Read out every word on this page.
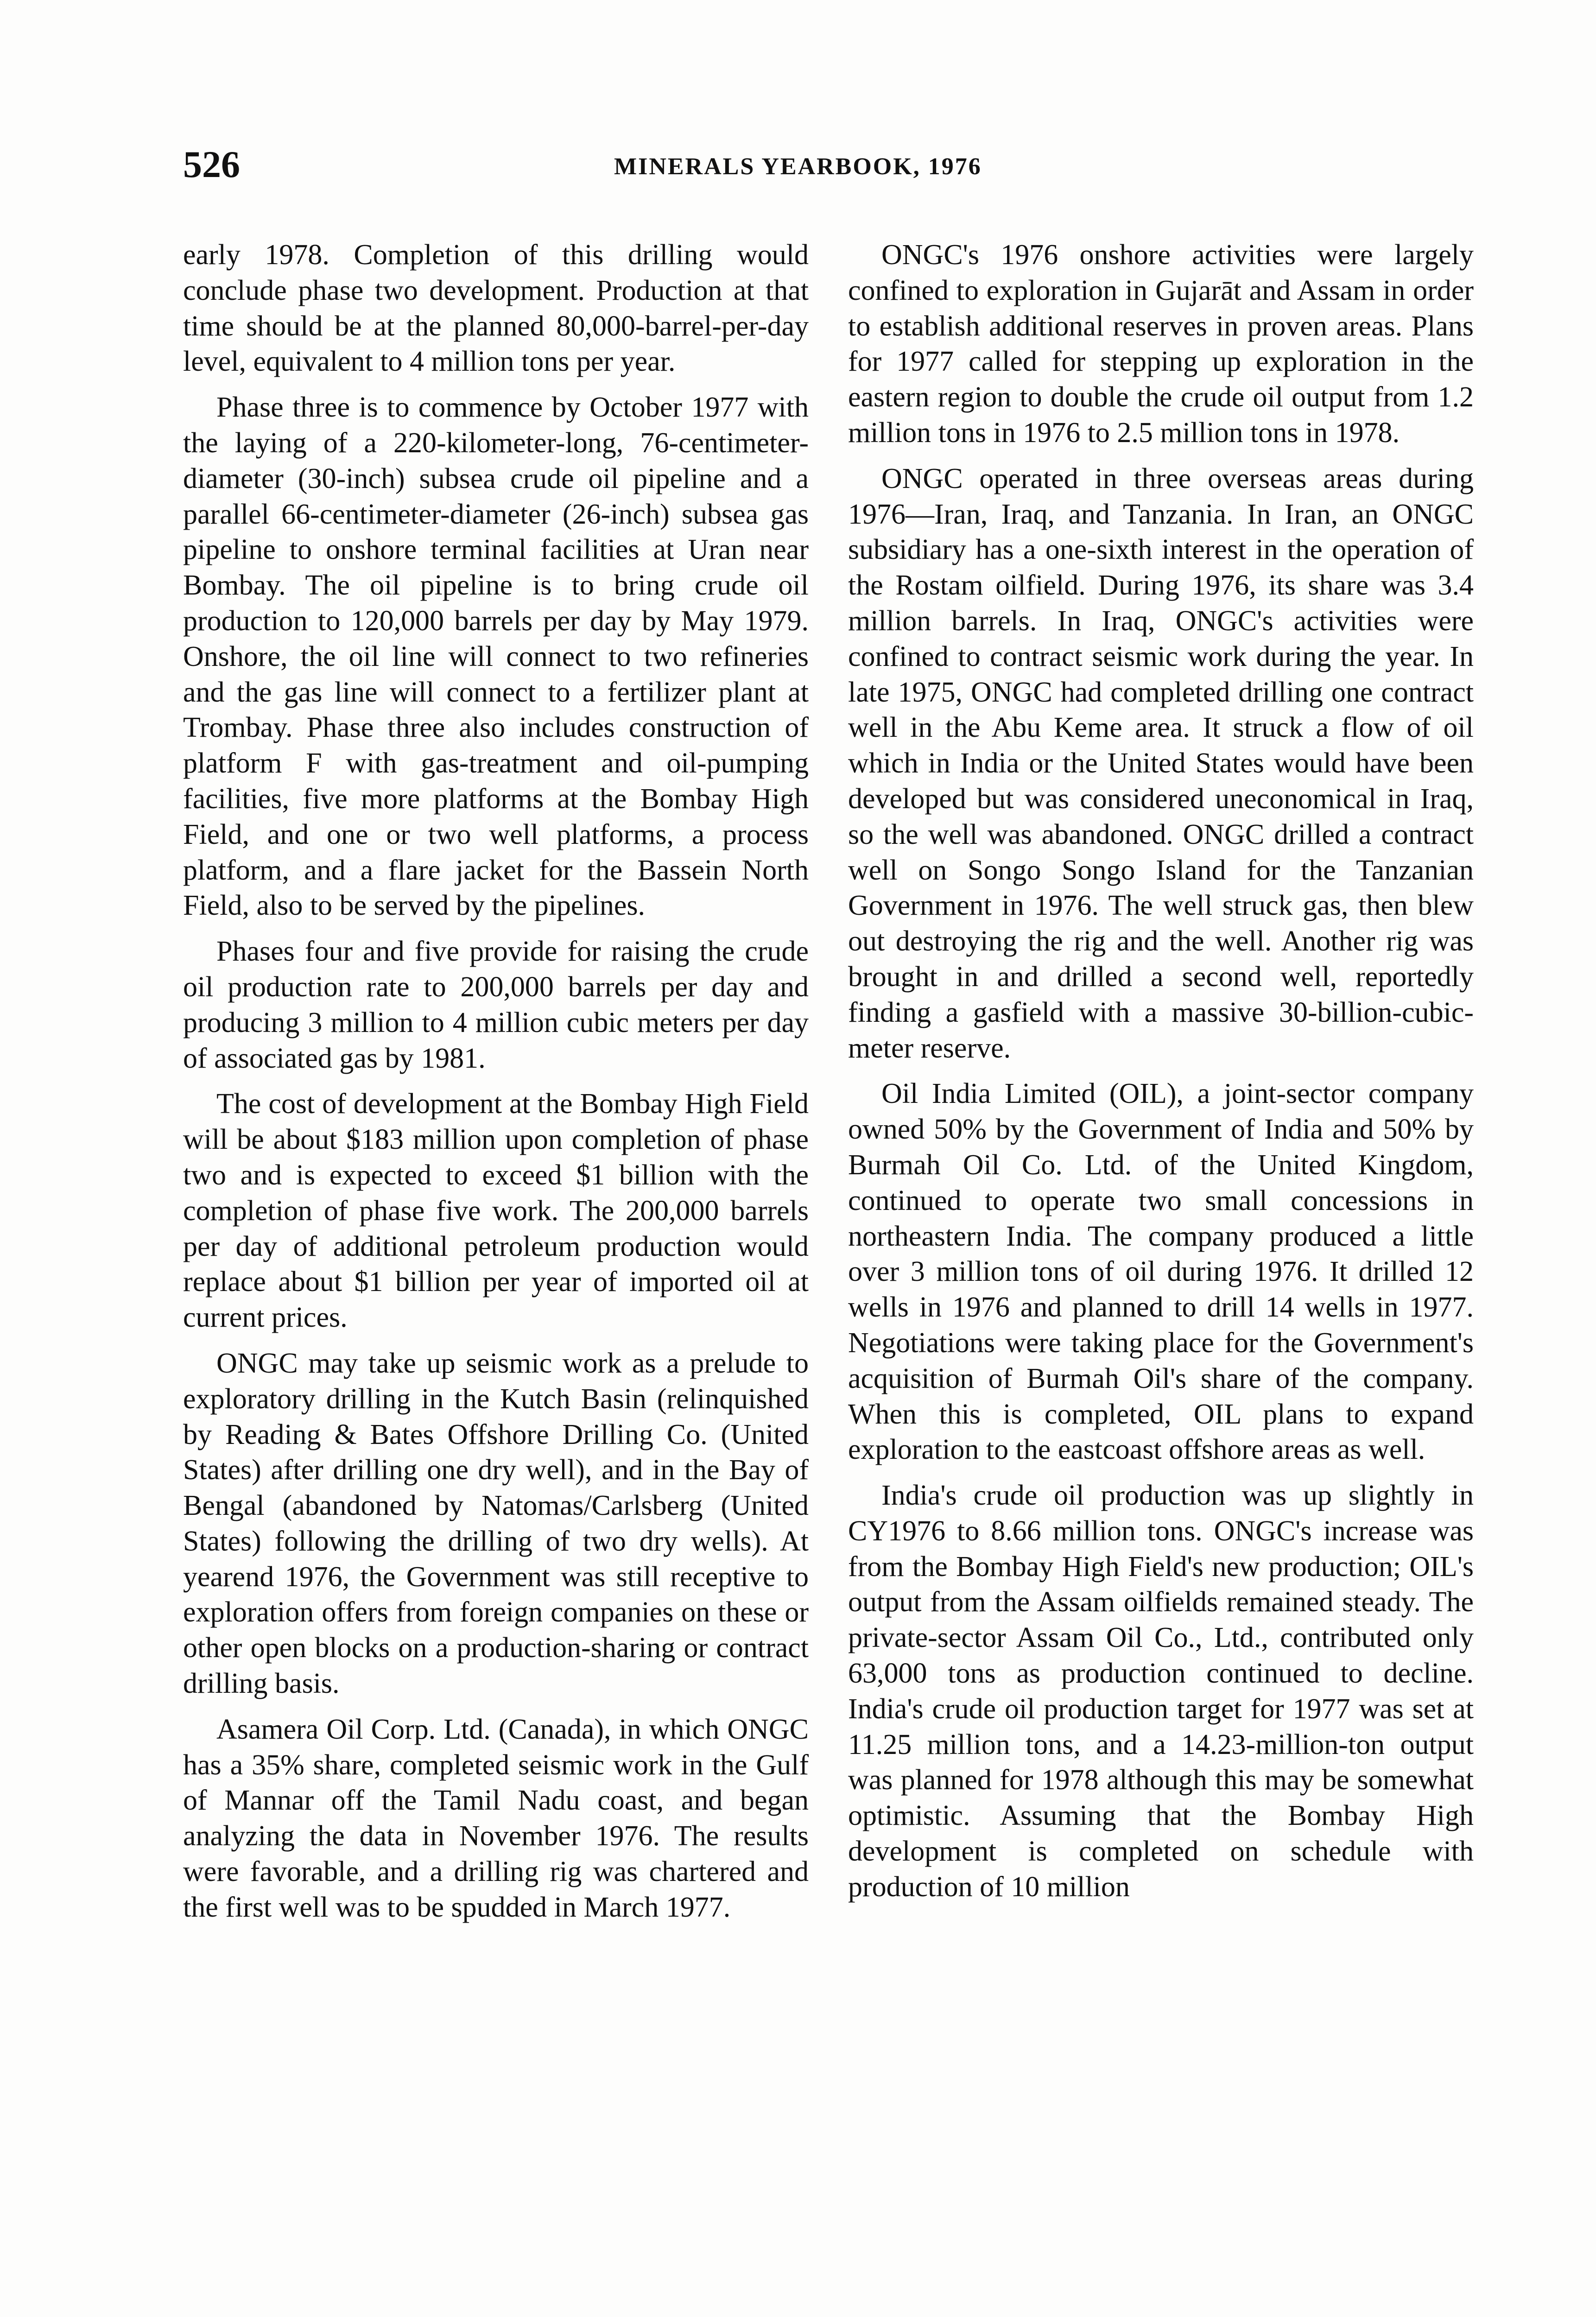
526	MINERALS YEARBOOK, 1976

early 1978. Completion of this drilling would conclude phase two development. Production at that time should be at the planned 80,000-barrel-per-day level, equivalent to 4 million tons per year.

Phase three is to commence by October 1977 with the laying of a 220-kilometer-long, 76-centimeter-diameter (30-inch) subsea crude oil pipeline and a parallel 66-centimeter-diameter (26-inch) subsea gas pipeline to onshore terminal facilities at Uran near Bombay. The oil pipeline is to bring crude oil production to 120,000 barrels per day by May 1979. Onshore, the oil line will connect to two refineries and the gas line will connect to a fertilizer plant at Trombay. Phase three also includes construction of platform F with gas-treatment and oil-pumping facilities, five more platforms at the Bombay High Field, and one or two well platforms, a process platform, and a flare jacket for the Bassein North Field, also to be served by the pipelines.

Phases four and five provide for raising the crude oil production rate to 200,000 barrels per day and producing 3 million to 4 million cubic meters per day of associated gas by 1981.

The cost of development at the Bombay High Field will be about $183 million upon completion of phase two and is expected to exceed $1 billion with the completion of phase five work. The 200,000 barrels per day of additional petroleum production would replace about $1 billion per year of imported oil at current prices.

ONGC may take up seismic work as a prelude to exploratory drilling in the Kutch Basin (relinquished by Reading & Bates Offshore Drilling Co. (United States) after drilling one dry well), and in the Bay of Bengal (abandoned by Natomas/Carlsberg (United States) following the drilling of two dry wells). At yearend 1976, the Government was still receptive to exploration offers from foreign companies on these or other open blocks on a production-sharing or contract drilling basis.

Asamera Oil Corp. Ltd. (Canada), in which ONGC has a 35% share, completed seismic work in the Gulf of Mannar off the Tamil Nadu coast, and began analyzing the data in November 1976. The results were favorable, and a drilling rig was chartered and the first well was to be spudded in March 1977.

ONGC's 1976 onshore activities were largely confined to exploration in Gujarāt and Assam in order to establish additional reserves in proven areas. Plans for 1977 called for stepping up exploration in the eastern region to double the crude oil output from 1.2 million tons in 1976 to 2.5 million tons in 1978.

ONGC operated in three overseas areas during 1976—Iran, Iraq, and Tanzania. In Iran, an ONGC subsidiary has a one-sixth interest in the operation of the Rostam oilfield. During 1976, its share was 3.4 million barrels. In Iraq, ONGC's activities were confined to contract seismic work during the year. In late 1975, ONGC had completed drilling one contract well in the Abu Keme area. It struck a flow of oil which in India or the United States would have been developed but was considered uneconomical in Iraq, so the well was abandoned. ONGC drilled a contract well on Songo Songo Island for the Tanzanian Government in 1976. The well struck gas, then blew out destroying the rig and the well. Another rig was brought in and drilled a second well, reportedly finding a gasfield with a massive 30-billion-cubic-meter reserve.

Oil India Limited (OIL), a joint-sector company owned 50% by the Government of India and 50% by Burmah Oil Co. Ltd. of the United Kingdom, continued to operate two small concessions in northeastern India. The company produced a little over 3 million tons of oil during 1976. It drilled 12 wells in 1976 and planned to drill 14 wells in 1977. Negotiations were taking place for the Government's acquisition of Burmah Oil's share of the company. When this is completed, OIL plans to expand exploration to the eastcoast offshore areas as well.

India's crude oil production was up slightly in CY1976 to 8.66 million tons. ONGC's increase was from the Bombay High Field's new production; OIL's output from the Assam oilfields remained steady. The private-sector Assam Oil Co., Ltd., contributed only 63,000 tons as production continued to decline. India's crude oil production target for 1977 was set at 11.25 million tons, and a 14.23-million-ton output was planned for 1978 although this may be somewhat optimistic. Assuming that the Bombay High development is completed on schedule with production of 10 million
